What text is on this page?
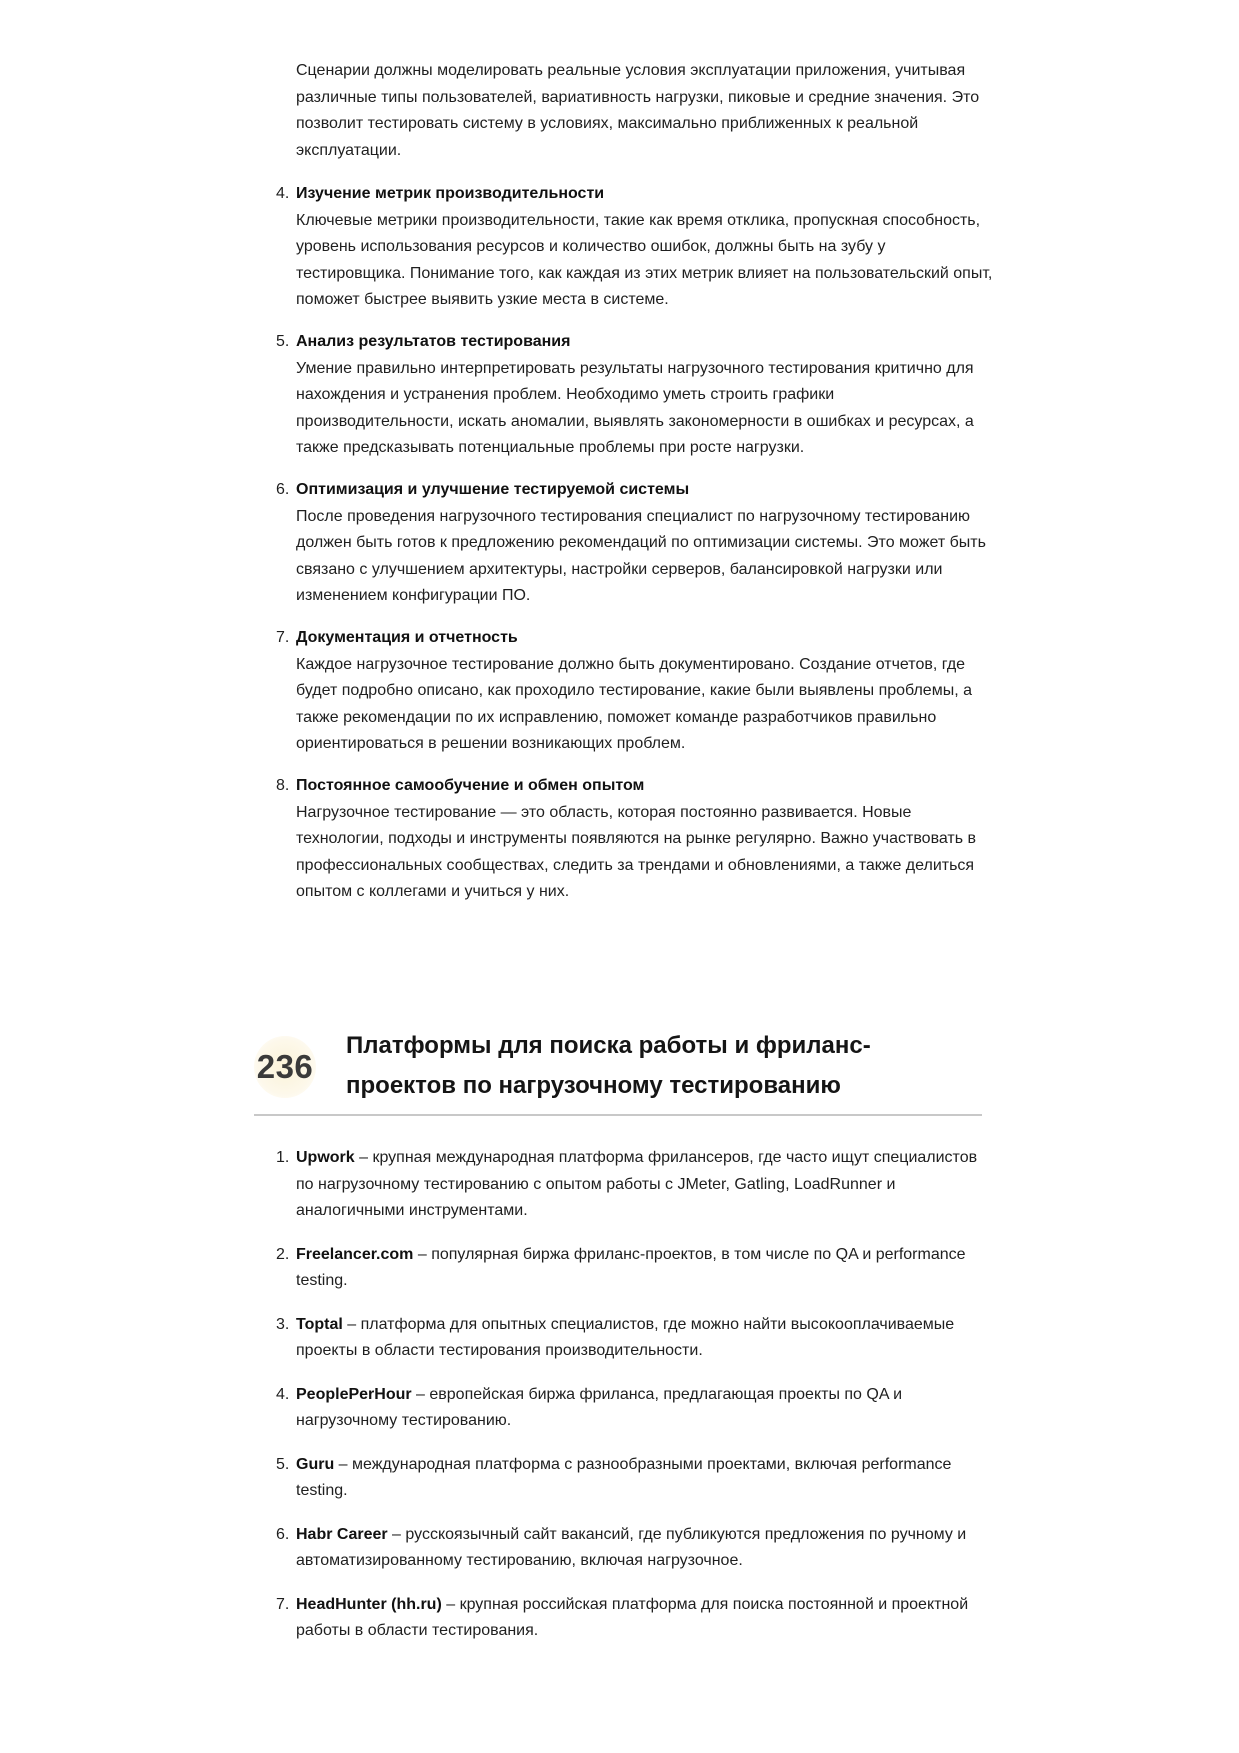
Сценарии должны моделировать реальные условия эксплуатации приложения, учитывая различные типы пользователей, вариативность нагрузки, пиковые и средние значения. Это позволит тестировать систему в условиях, максимально приближенных к реальной эксплуатации.

4. Изучение метрик производительности
Ключевые метрики производительности, такие как время отклика, пропускная способность, уровень использования ресурсов и количество ошибок, должны быть на зубу у тестировщика. Понимание того, как каждая из этих метрик влияет на пользовательский опыт, поможет быстрее выявить узкие места в системе.
5. Анализ результатов тестирования
Умение правильно интерпретировать результаты нагрузочного тестирования критично для нахождения и устранения проблем. Необходимо уметь строить графики производительности, искать аномалии, выявлять закономерности в ошибках и ресурсах, а также предсказывать потенциальные проблемы при росте нагрузки.
6. Оптимизация и улучшение тестируемой системы
После проведения нагрузочного тестирования специалист по нагрузочному тестированию должен быть готов к предложению рекомендаций по оптимизации системы. Это может быть связано с улучшением архитектуры, настройки серверов, балансировкой нагрузки или изменением конфигурации ПО.
7. Документация и отчетность
Каждое нагрузочное тестирование должно быть документировано. Создание отчетов, где будет подробно описано, как проходило тестирование, какие были выявлены проблемы, а также рекомендации по их исправлению, поможет команде разработчиков правильно ориентироваться в решении возникающих проблем.
8. Постоянное самообучение и обмен опытом
Нагрузочное тестирование — это область, которая постоянно развивается. Новые технологии, подходы и инструменты появляются на рынке регулярно. Важно участвовать в профессиональных сообществах, следить за трендами и обновлениями, а также делиться опытом с коллегами и учиться у них.
236
Платформы для поиска работы и фриланс-проектов по нагрузочному тестированию
1. Upwork – крупная международная платформа фрилансеров, где часто ищут специалистов по нагрузочному тестированию с опытом работы с JMeter, Gatling, LoadRunner и аналогичными инструментами.
2. Freelancer.com – популярная биржа фриланс-проектов, в том числе по QA и performance testing.
3. Toptal – платформа для опытных специалистов, где можно найти высокооплачиваемые проекты в области тестирования производительности.
4. PeoplePerHour – европейская биржа фриланса, предлагающая проекты по QA и нагрузочному тестированию.
5. Guru – международная платформа с разнообразными проектами, включая performance testing.
6. Habr Career – русскоязычный сайт вакансий, где публикуются предложения по ручному и автоматизированному тестированию, включая нагрузочное.
7. HeadHunter (hh.ru) – крупная российская платформа для поиска постоянной и проектной работы в области тестирования.
